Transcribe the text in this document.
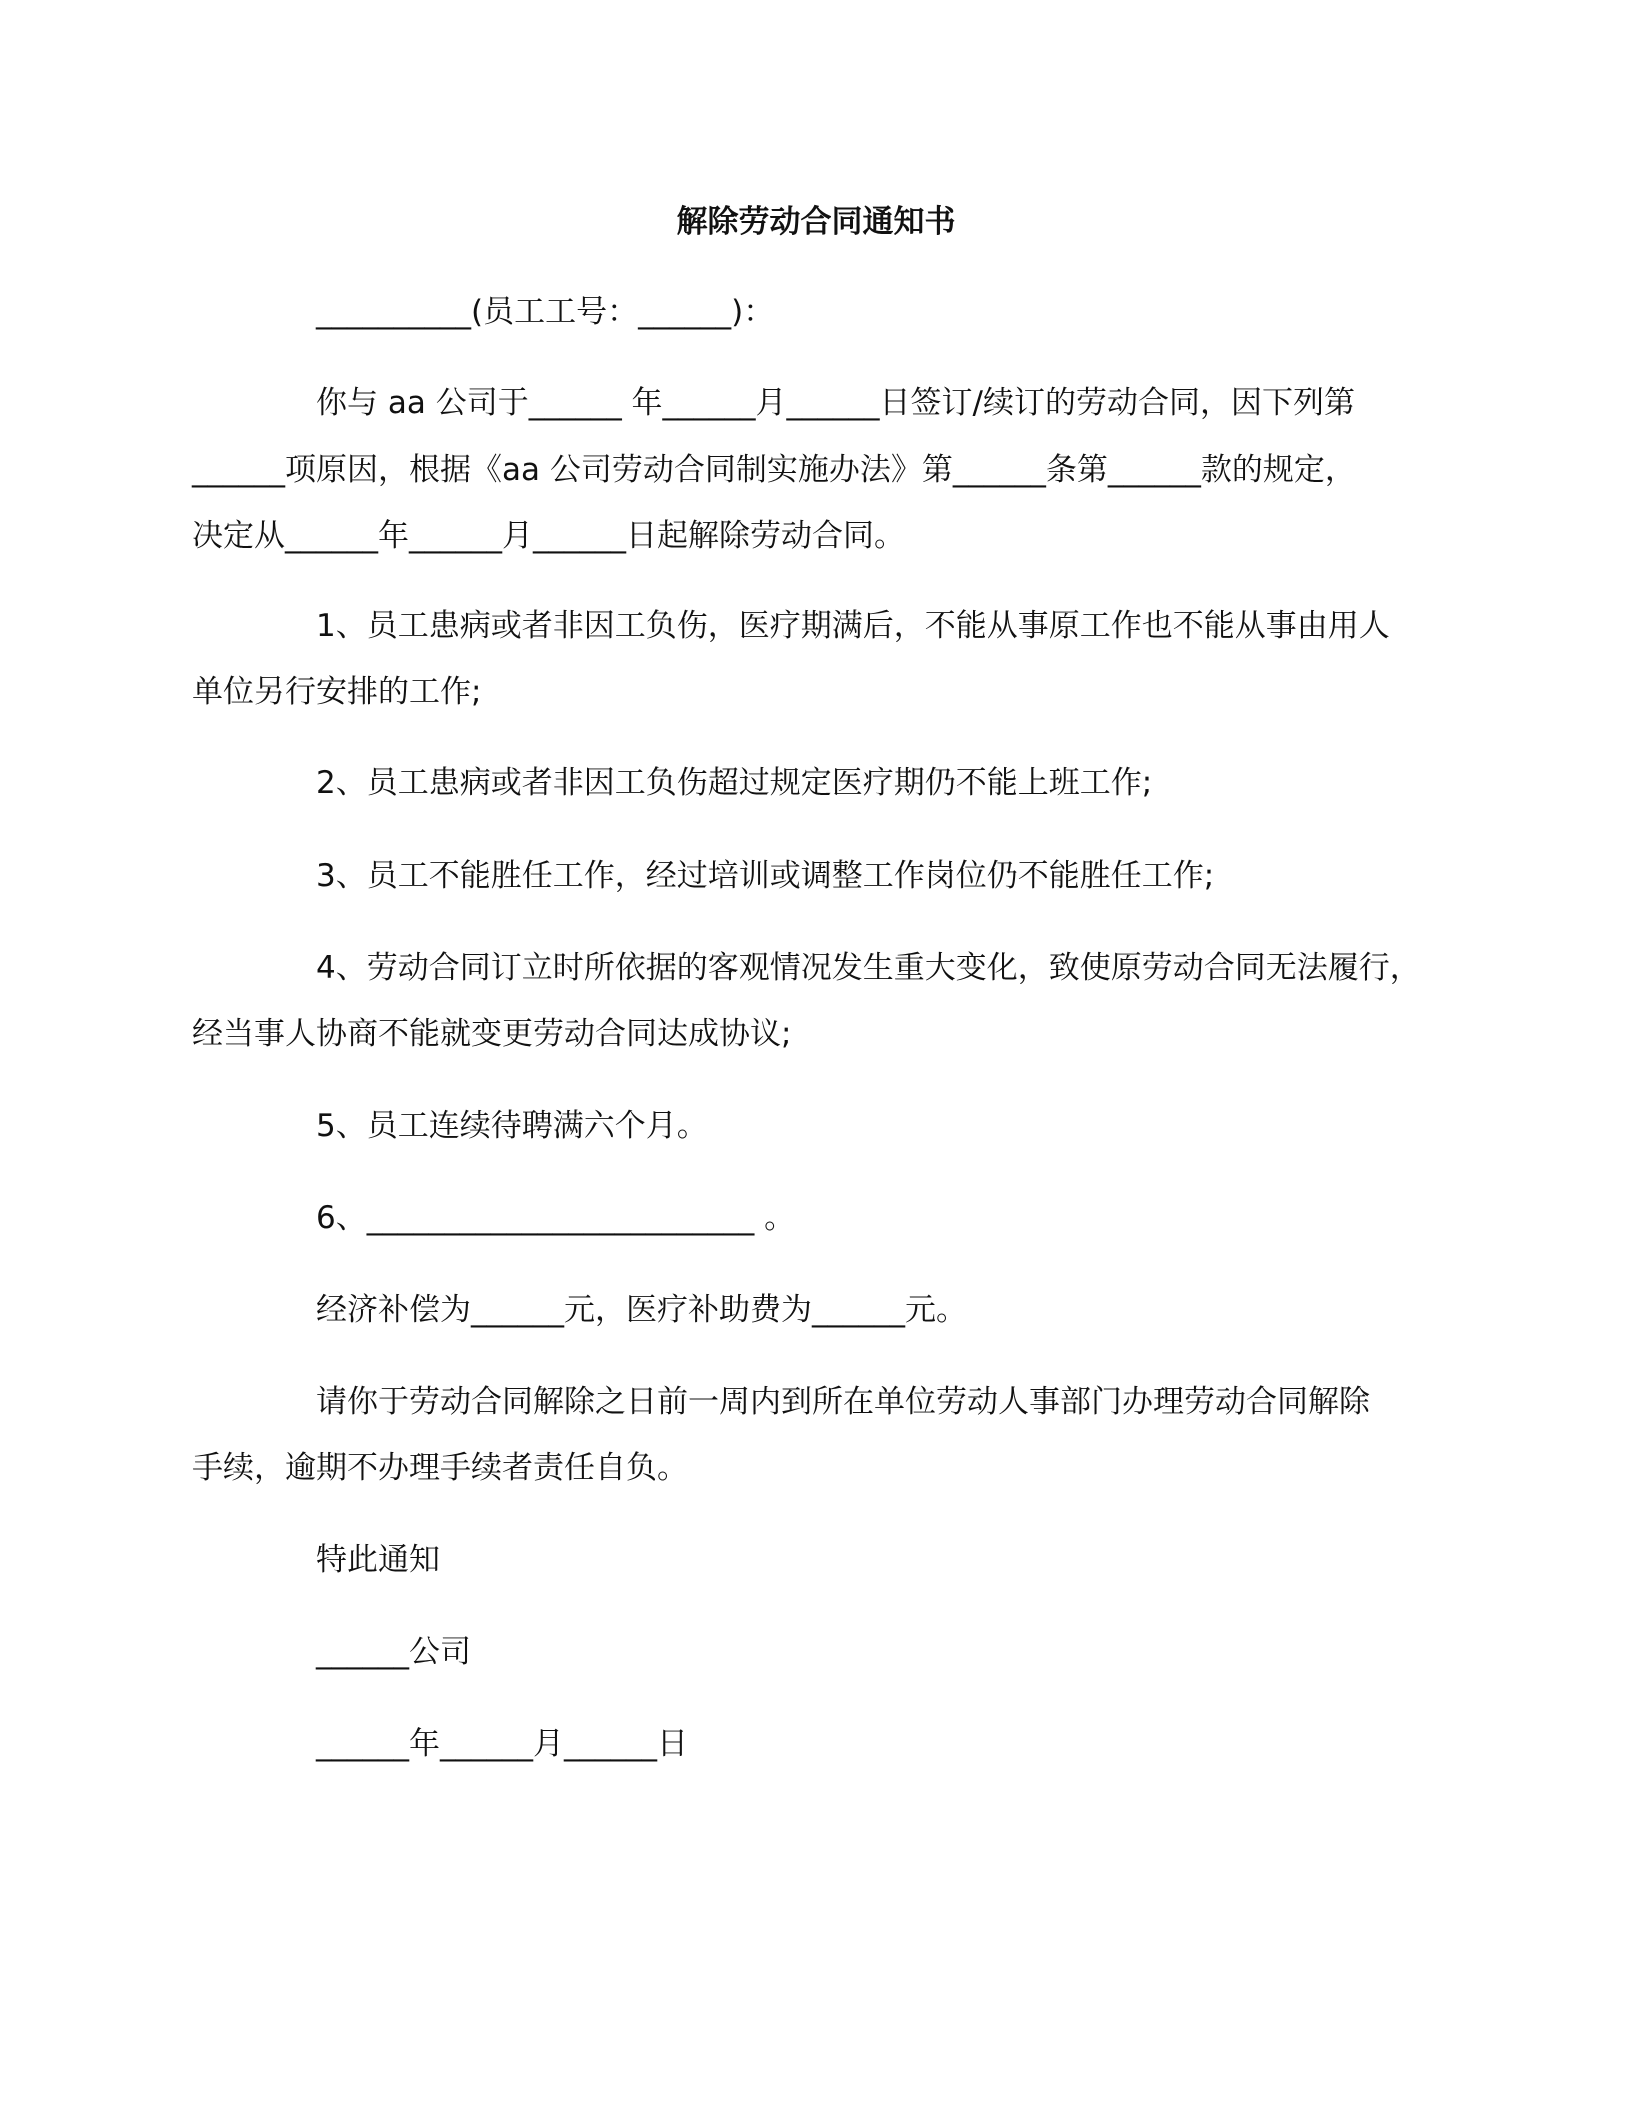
解除劳动合同通知书
__________(员工工号：______)：
你与 aa 公司于______ 年______月______日签订/续订的劳动合同，因下列第
______项原因，根据《aa 公司劳动合同制实施办法》第______条第______款的规定，
决定从______年______月______日起解除劳动合同。
1、员工患病或者非因工负伤，医疗期满后，不能从事原工作也不能从事由用人
单位另行安排的工作;
2、员工患病或者非因工负伤超过规定医疗期仍不能上班工作;
3、员工不能胜任工作，经过培训或调整工作岗位仍不能胜任工作;
4、劳动合同订立时所依据的客观情况发生重大变化，致使原劳动合同无法履行，
经当事人协商不能就变更劳动合同达成协议;
5、员工连续待聘满六个月。
6、_________________________ 。
经济补偿为______元，医疗补助费为______元。
请你于劳动合同解除之日前一周内到所在单位劳动人事部门办理劳动合同解除
手续，逾期不办理手续者责任自负。
特此通知
______公司
______年______月______日
